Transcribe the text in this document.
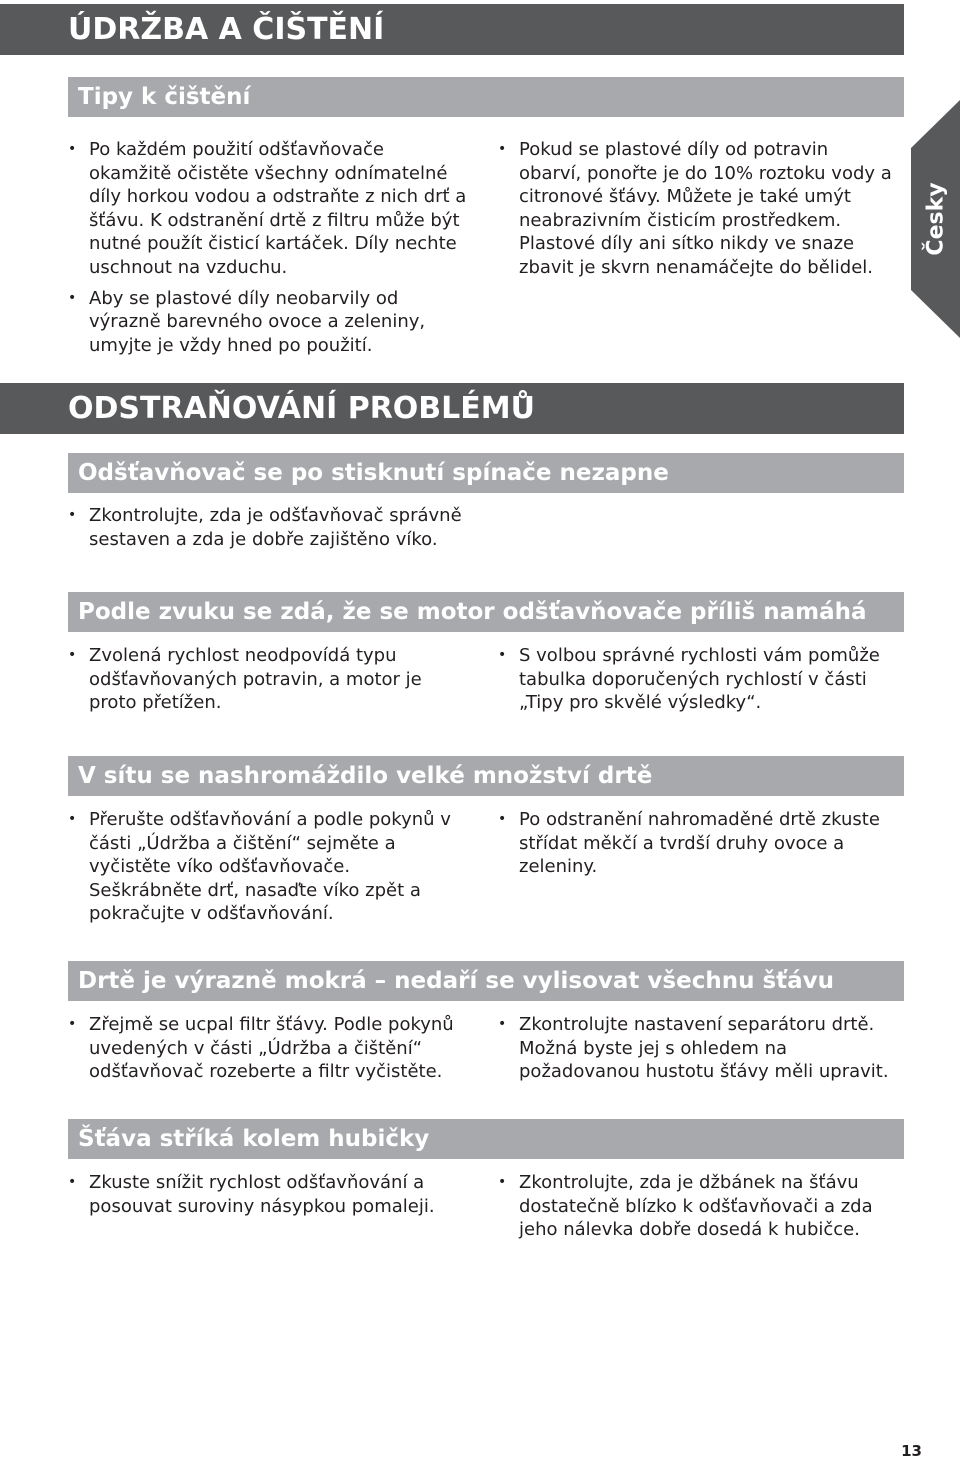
ÚDRŽBA A ČIŠTĚNÍ
Tipy k čištění
• Po každém použití odšťavňovače okamžitě očistěte všechny odnímatelné díly horkou vodou a odstraňte z nich drť a šťávu. K odstranění drtě z filtru může být nutné použít čisticí kartáček. Díly nechte uschnout na vzduchu.
• Aby se plastové díly neobarvily od výrazně barevného ovoce a zeleniny, umyjte je vždy hned po použití.
• Pokud se plastové díly od potravin obarví, ponořte je do 10% roztoku vody a citronové šťávy. Můžete je také umýt neabrazivním čisticím prostředkem. Plastové díly ani sítko nikdy ve snaze zbavit je skvrn nenamáčejte do bělidel.
Česky
ODSTRAŇOVÁNÍ PROBLÉMŮ
Odšťavňovač se po stisknutí spínače nezapne
• Zkontrolujte, zda je odšťavňovač správně sestaven a zda je dobře zajištěno víko.
Podle zvuku se zdá, že se motor odšťavňovače příliš namáhá
• Zvolená rychlost neodpovídá typu odšťavňovaných potravin, a motor je proto přetížen.
• S volbou správné rychlosti vám pomůže tabulka doporučených rychlostí v části „Tipy pro skvělé výsledky“.
V sítu se nashromáždilo velké množství drtě
• Přerušte odšťavňování a podle pokynů v části „Údržba a čištění“ sejměte a vyčistěte víko odšťavňovače. Seškrábněte drť, nasaďte víko zpět a pokračujte v odšťavňování.
• Po odstranění nahromaděné drtě zkuste střídat měkčí a tvrdší druhy ovoce a zeleniny.
Drtě je výrazně mokrá – nedaří se vylisovat všechnu šťávu
• Zřejmě se ucpal filtr šťávy. Podle pokynů uvedených v části „Údržba a čištění“ odšťavňovač rozeberte a filtr vyčistěte.
• Zkontrolujte nastavení separátoru drtě. Možná byste jej s ohledem na požadovanou hustotu šťávy měli upravit.
Šťáva stříká kolem hubičky
• Zkuste snížit rychlost odšťavňování a posouvat suroviny násypkou pomaleji.
• Zkontrolujte, zda je džbánek na šťávu dostatečně blízko k odšťavňovači a zda jeho nálevka dobře dosedá k hubičce.
13
